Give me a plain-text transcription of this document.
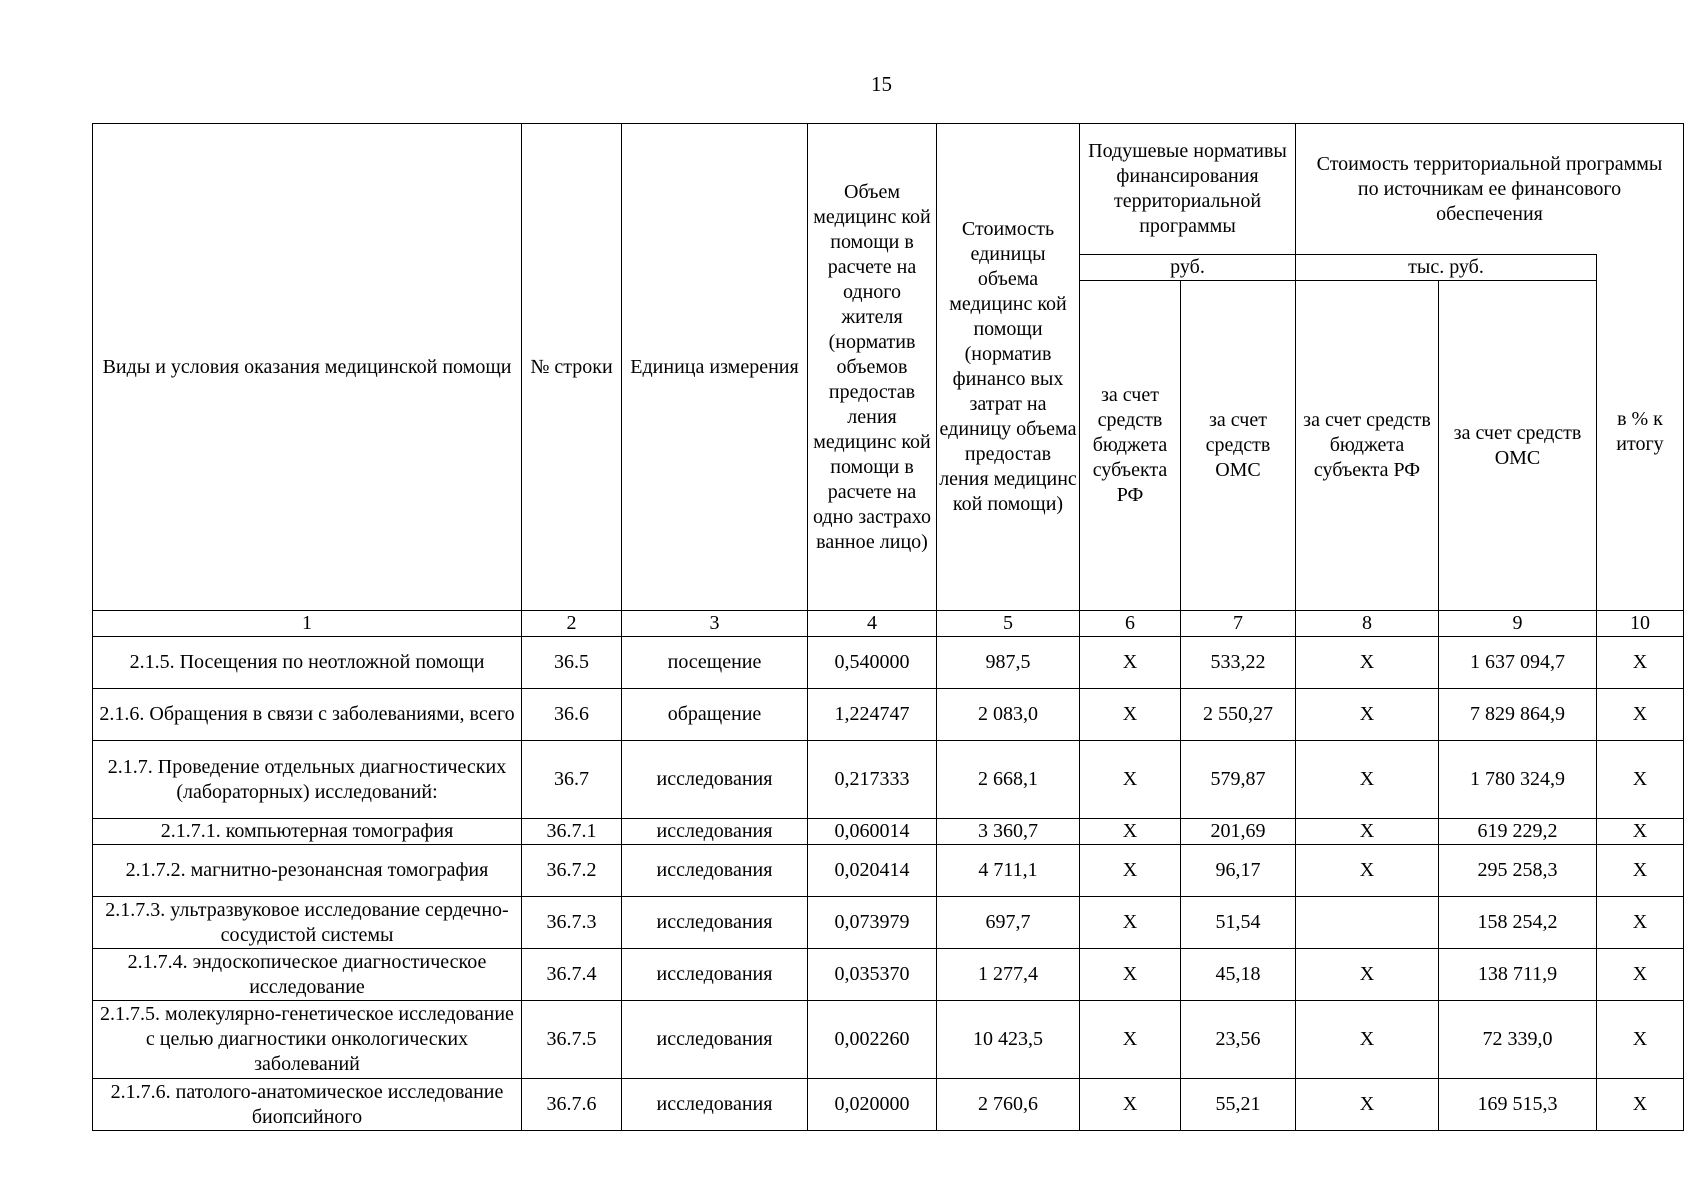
15
Виды и условия оказания медицинской помощи	№ строки	Единица измерения	Объем медицинс кой помощи в расчете на одного жителя (норматив объемов предостав ления медицинс кой помощи в расчете на одно застрахо ванное лицо)	Стоимость единицы объема медицинс кой помощи (норматив финансо вых затрат на единицу объема предостав ления медицинс кой помощи)	Подушевые нормативы финансирования территориальной программы		Стоимость территориальной программы по источникам ее финансового обеспечения		
					руб.		тыс. руб.		в % к итогу
					за счет средств бюджета субъекта РФ	за счет средств ОМС	за счет средств бюджета субъекта РФ	за счет средств ОМС	
1	2	3	4	5	6	7	8	9	10
2.1.5. Посещения по неотложной помощи	36.5	посещение	0,540000	987,5	Х	533,22	Х	1 637 094,7	Х
2.1.6. Обращения в связи с заболеваниями, всего	36.6	обращение	1,224747	2 083,0	Х	2 550,27	Х	7 829 864,9	Х
2.1.7. Проведение отдельных диагностических (лабораторных) исследований:	36.7	исследования	0,217333	2 668,1	Х	579,87	Х	1 780 324,9	Х
2.1.7.1. компьютерная томография	36.7.1	исследования	0,060014	3 360,7	Х	201,69	Х	619 229,2	Х
2.1.7.2. магнитно-резонансная томография	36.7.2	исследования	0,020414	4 711,1	Х	96,17	Х	295 258,3	Х
2.1.7.3. ультразвуковое исследование сердечно-сосудистой системы	36.7.3	исследования	0,073979	697,7	Х	51,54		158 254,2	Х
2.1.7.4. эндоскопическое диагностическое исследование	36.7.4	исследования	0,035370	1 277,4	Х	45,18	Х	138 711,9	Х
2.1.7.5. молекулярно-генетическое исследование с целью диагностики онкологических заболеваний	36.7.5	исследования	0,002260	10 423,5	Х	23,56	Х	72 339,0	Х
2.1.7.6. патолого-анатомическое исследование биопсийного	36.7.6	исследования	0,020000	2 760,6	Х	55,21	Х	169 515,3	Х
